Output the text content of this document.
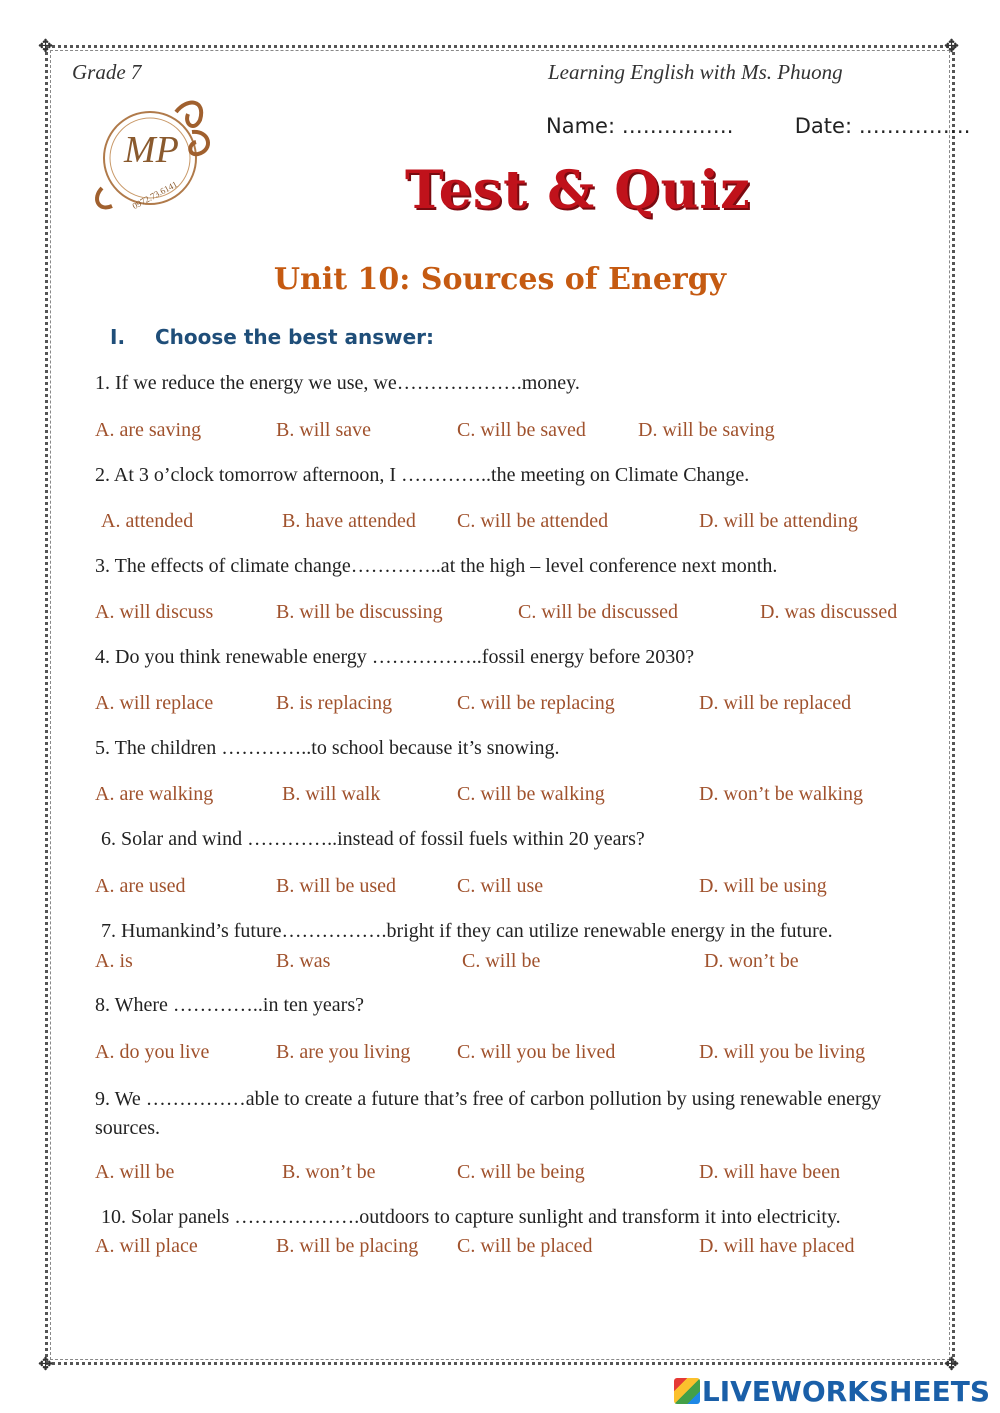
✥	✥
✥	✥
Grade 7	Learning English with Ms. Phuong
MP
0972.73.6141
Name: …………….	Date: …………….
Test & Quiz
Unit 10: Sources of Energy
I. Choose the best answer:
1. If we reduce the energy we use, we……………….money.
A. are saving	B. will save	C. will be saved	D. will be saving
2. At 3 o’clock tomorrow afternoon, I …………..the meeting on Climate Change.
A. attended	B. have attended C. will be attended	D. will be attending
3. The effects of climate change…………..at the high – level conference next month.
A. will discuss	B. will be discussing	C. will be discussed	D. was discussed
4. Do you think renewable energy ……………..fossil energy before 2030?
A. will replace	B. is replacing	C. will be replacing	D. will be replaced
5. The children …………..to school because it’s snowing.
A. are walking	B. will walk	C. will be walking	D. won’t be walking
6. Solar and wind …………..instead of fossil fuels within 20 years?
A. are used	B. will be used	C. will use	D. will be using
7. Humankind’s future…………….bright if they can utilize renewable energy in the future.
A. is	B. was	C. will be	D. won’t be
8. Where …………..in ten years?
A. do you live	B. are you living C. will you be lived	D. will you be living
9. We ……………able to create a future that’s free of carbon pollution by using renewable energy sources.
A. will be	B. won’t be	C. will be being	D. will have been
10. Solar panels ……………….outdoors to capture sunlight and transform it into electricity.
A. will place	B. will be placing C. will be placed	D. will have placed
LIVEWORKSHEETS
